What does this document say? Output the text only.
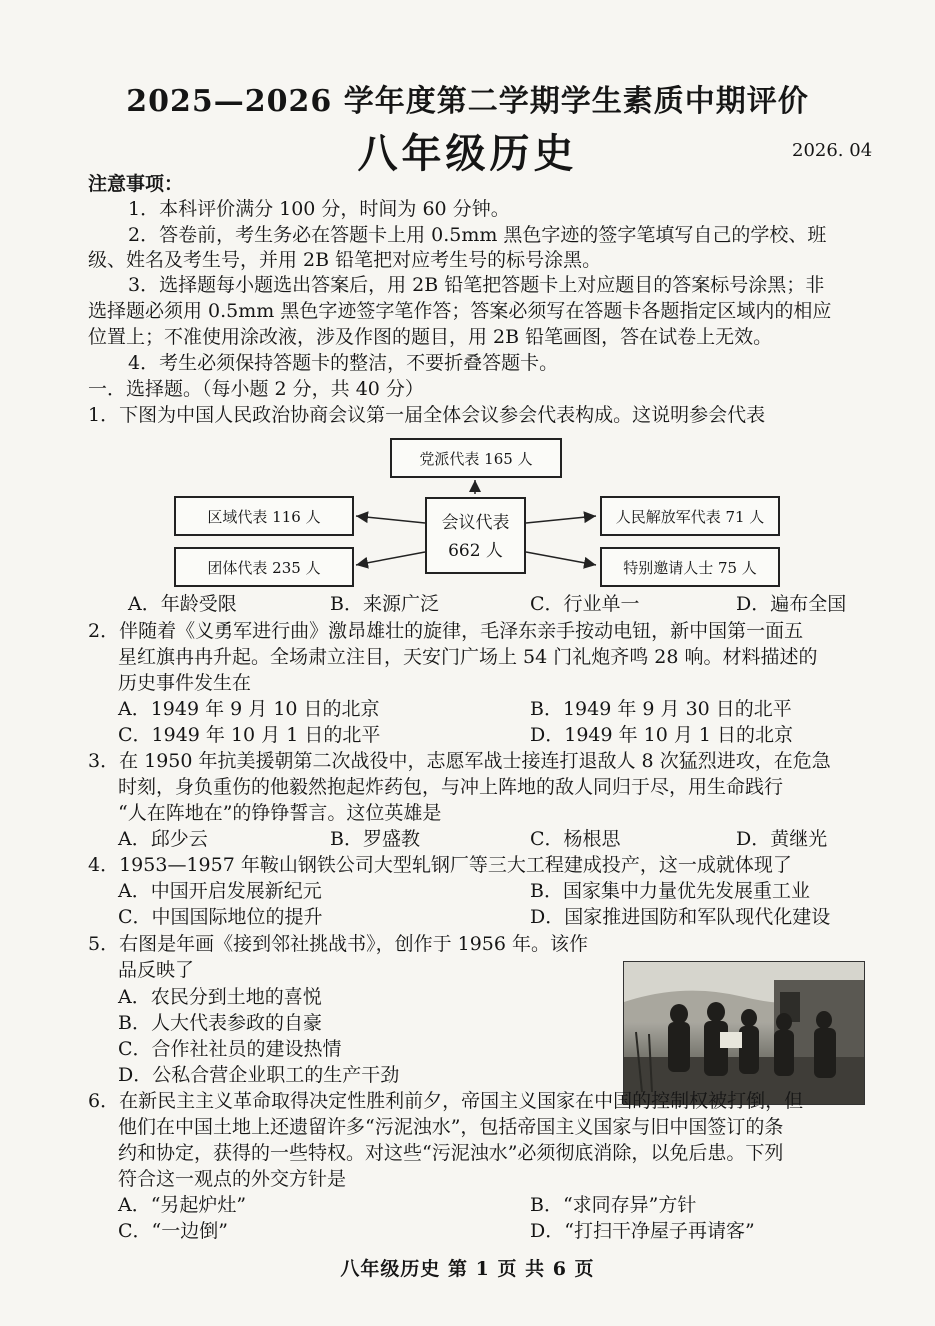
2025—2026 学年度第二学期学生素质中期评价
八年级历史	2026. 04
注意事项：
1．本科评价满分 100 分，时间为 60 分钟。
2．答卷前，考生务必在答题卡上用 0.5mm 黑色字迹的签字笔填写自己的学校、班
级、姓名及考生号，并用 2B 铅笔把对应考生号的标号涂黑。
3．选择题每小题选出答案后，用 2B 铅笔把答题卡上对应题目的答案标号涂黑；非
选择题必须用 0.5mm 黑色字迹签字笔作答；答案必须写在答题卡各题指定区域内的相应
位置上；不准使用涂改液，涉及作图的题目，用 2B 铅笔画图，答在试卷上无效。
4．考生必须保持答题卡的整洁，不要折叠答题卡。
一．选择题。（每小题 2 分，共 40 分）
1．下图为中国人民政治协商会议第一届全体会议参会代表构成。这说明参会代表
党派代表 165 人
会议代表
662 人
区域代表 116 人
团体代表 235 人
人民解放军代表 71 人
特别邀请人士 75 人
A．年龄受限	B．来源广泛	C．行业单一	D．遍布全国
2．伴随着《义勇军进行曲》激昂雄壮的旋律，毛泽东亲手按动电钮，新中国第一面五
星红旗冉冉升起。全场肃立注目，天安门广场上 54 门礼炮齐鸣 28 响。材料描述的
历史事件发生在
A．1949 年 9 月 10 日的北京	B．1949 年 9 月 30 日的北平
C．1949 年 10 月 1 日的北平	D．1949 年 10 月 1 日的北京
3．在 1950 年抗美援朝第二次战役中，志愿军战士接连打退敌人 8 次猛烈进攻，在危急
时刻，身负重伤的他毅然抱起炸药包，与冲上阵地的敌人同归于尽，用生命践行
“人在阵地在”的铮铮誓言。这位英雄是
A．邱少云	B．罗盛教	C．杨根思	D．黄继光
4．1953—1957 年鞍山钢铁公司大型轧钢厂等三大工程建成投产，这一成就体现了
A．中国开启发展新纪元	B．国家集中力量优先发展重工业
C．中国国际地位的提升	D．国家推进国防和军队现代化建设
5．右图是年画《接到邻社挑战书》，创作于 1956 年。该作
品反映了
A．农民分到土地的喜悦
B．人大代表参政的自豪
C．合作社社员的建设热情
D．公私合营企业职工的生产干劲
6．在新民主主义革命取得决定性胜利前夕，帝国主义国家在中国的控制权被打倒，但
他们在中国土地上还遗留许多“污泥浊水”，包括帝国主义国家与旧中国签订的条
约和协定，获得的一些特权。对这些“污泥浊水”必须彻底消除，以免后患。下列
符合这一观点的外交方针是
A．“另起炉灶”	B．“求同存异”方针
C．“一边倒”	D．“打扫干净屋子再请客”
八年级历史 第 1 页 共 6 页
